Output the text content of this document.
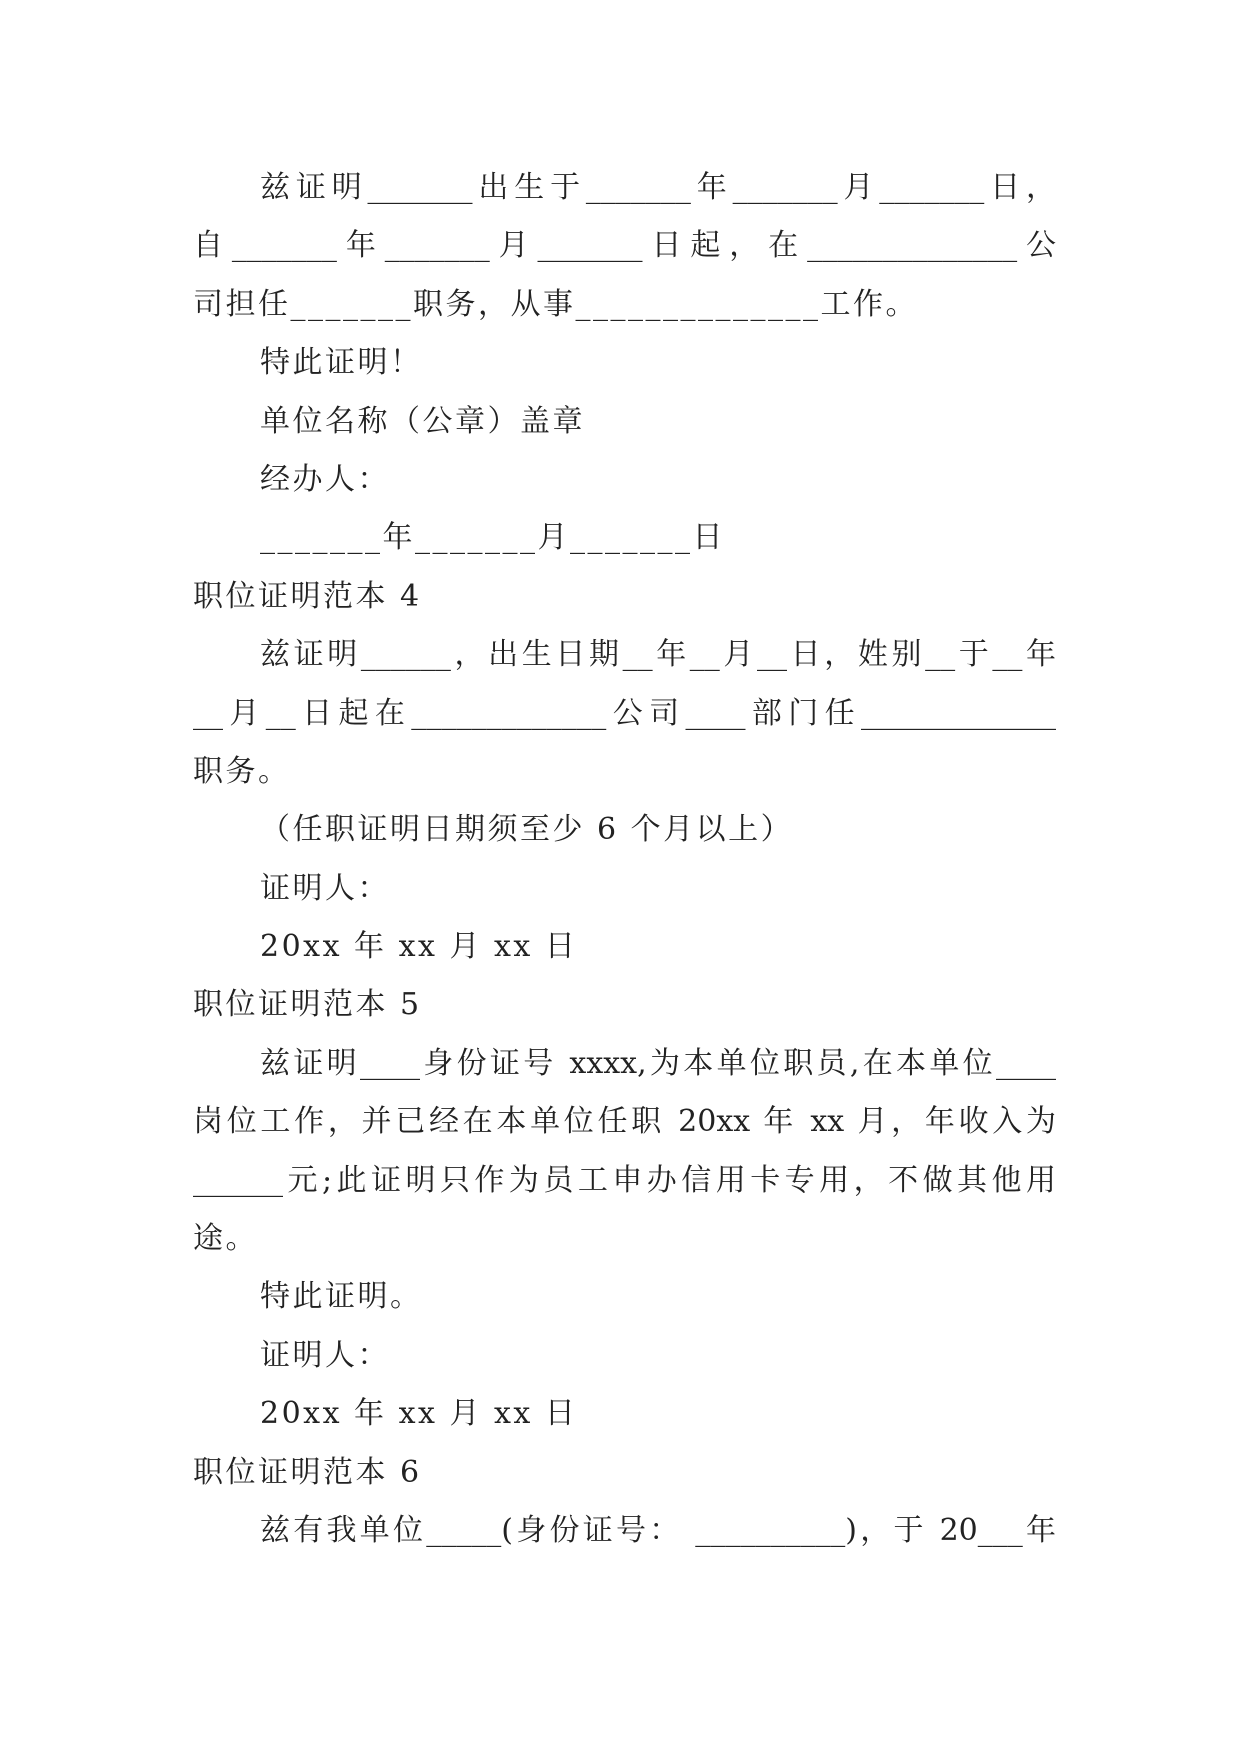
兹证明_______出生于_______年_______月_______日，
自_______年_______月_______日起，在______________公
司担任_______职务，从事______________工作。
特此证明！
单位名称（公章）盖章
经办人：
_______年_______月_______日
职位证明范本 4
兹证明______，出生日期__年__月__日，姓别__于__年
__月__日起在_____________公司____部门任_____________
职务。
（任职证明日期须至少 6 个月以上）
证明人：
20xx 年 xx 月 xx 日
职位证明范本 5
兹证明____身份证号 xxxx,为本单位职员,在本单位____
岗位工作，并已经在本单位任职 20xx 年 xx 月，年收入为
______元;此证明只作为员工申办信用卡专用，不做其他用
途。
特此证明。
证明人：
20xx 年 xx 月 xx 日
职位证明范本 6
兹有我单位_____(身份证号： __________)，于 20___年
